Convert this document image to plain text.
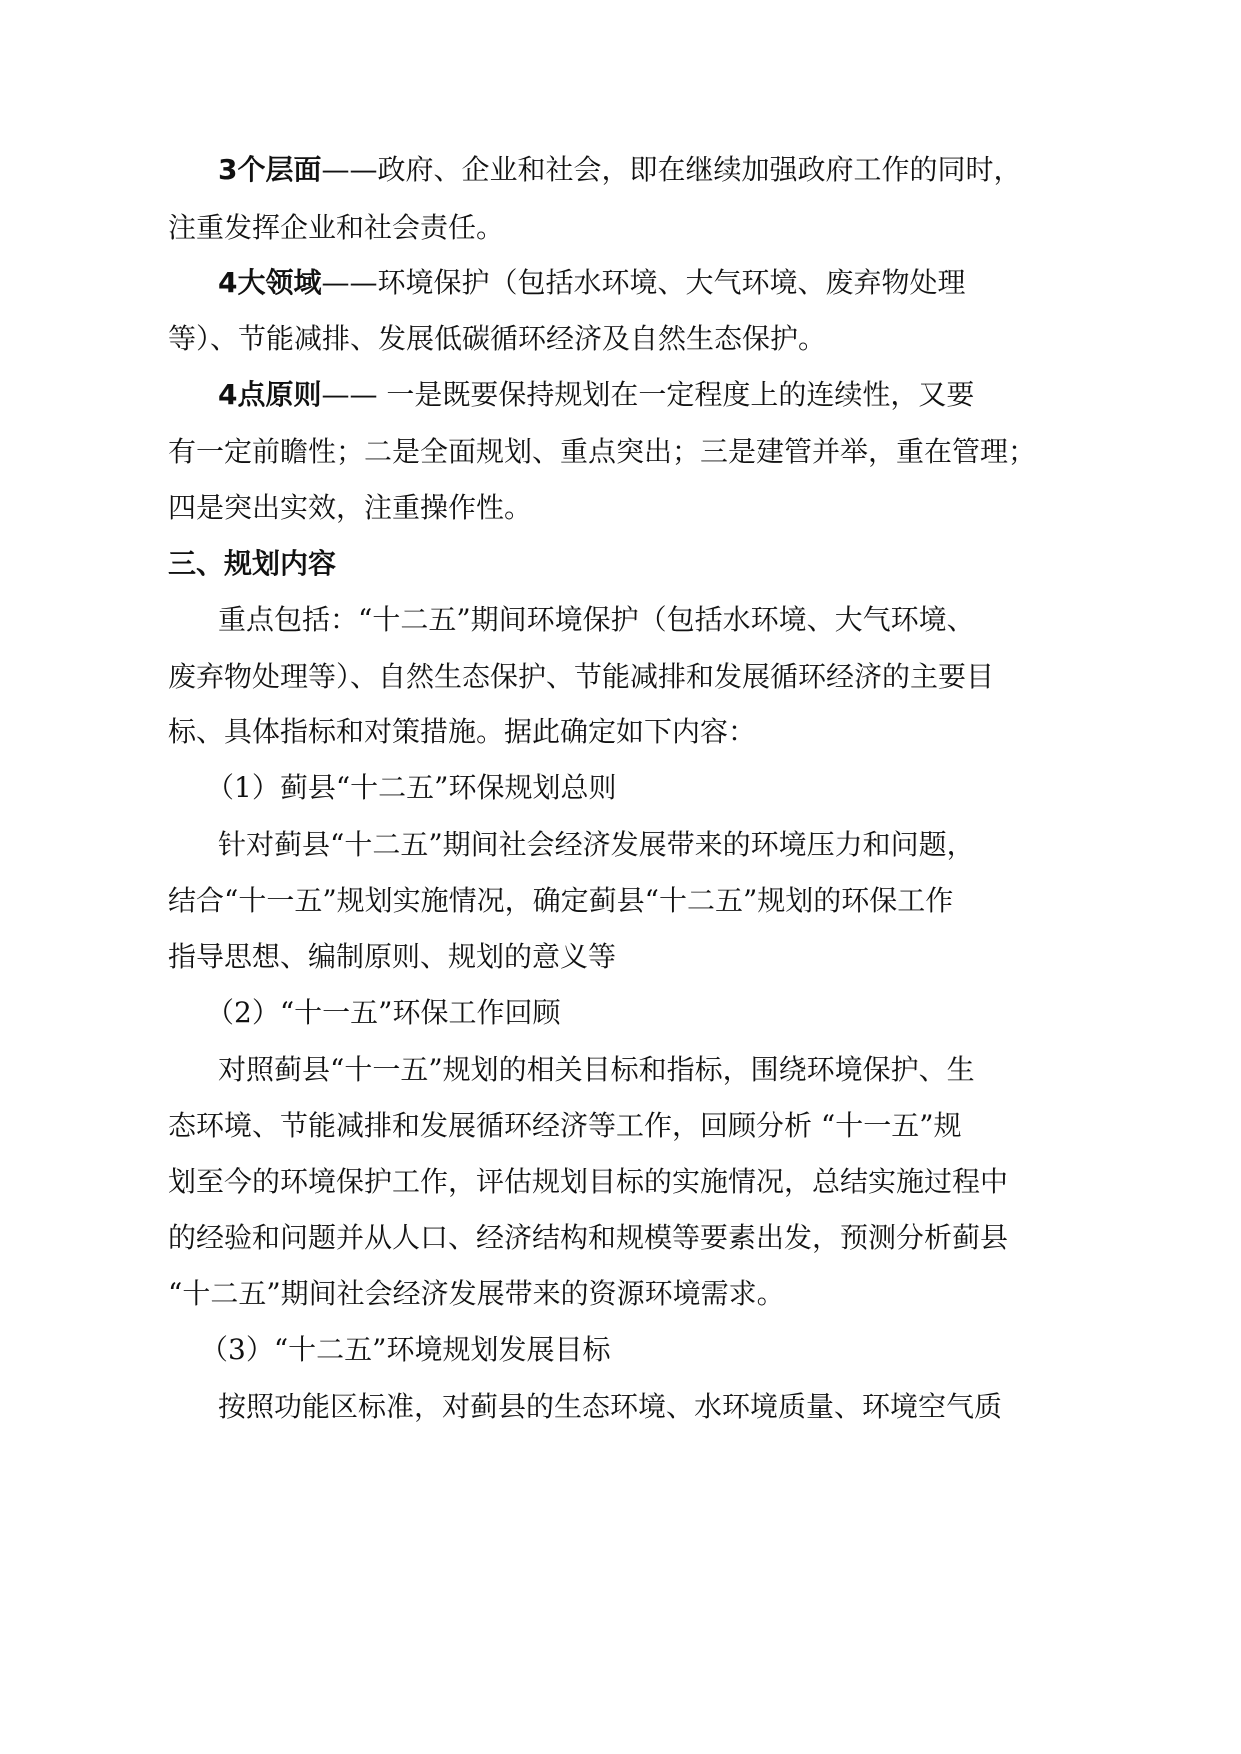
3个层面——政府、企业和社会，即在继续加强政府工作的同时，
注重发挥企业和社会责任。
4大领域——环境保护（包括水环境、大气环境、废弃物处理
等）、节能减排、发展低碳循环经济及自然生态保护。
4点原则—— 一是既要保持规划在一定程度上的连续性，又要
有一定前瞻性；二是全面规划、重点突出；三是建管并举，重在管理；
四是突出实效，注重操作性。
三、规划内容
重点包括：“十二五”期间环境保护（包括水环境、大气环境、
废弃物处理等）、自然生态保护、节能减排和发展循环经济的主要目
标、具体指标和对策措施。据此确定如下内容：
（1）蓟县“十二五”环保规划总则
针对蓟县“十二五”期间社会经济发展带来的环境压力和问题，
结合“十一五”规划实施情况，确定蓟县“十二五”规划的环保工作
指导思想、编制原则、规划的意义等
（2）“十一五”环保工作回顾
对照蓟县“十一五”规划的相关目标和指标，围绕环境保护、生
态环境、节能减排和发展循环经济等工作，回顾分析 “十一五”规
划至今的环境保护工作，评估规划目标的实施情况，总结实施过程中
的经验和问题并从人口、经济结构和规模等要素出发，预测分析蓟县
“十二五”期间社会经济发展带来的资源环境需求。
（3）“十二五”环境规划发展目标
按照功能区标准，对蓟县的生态环境、水环境质量、环境空气质
